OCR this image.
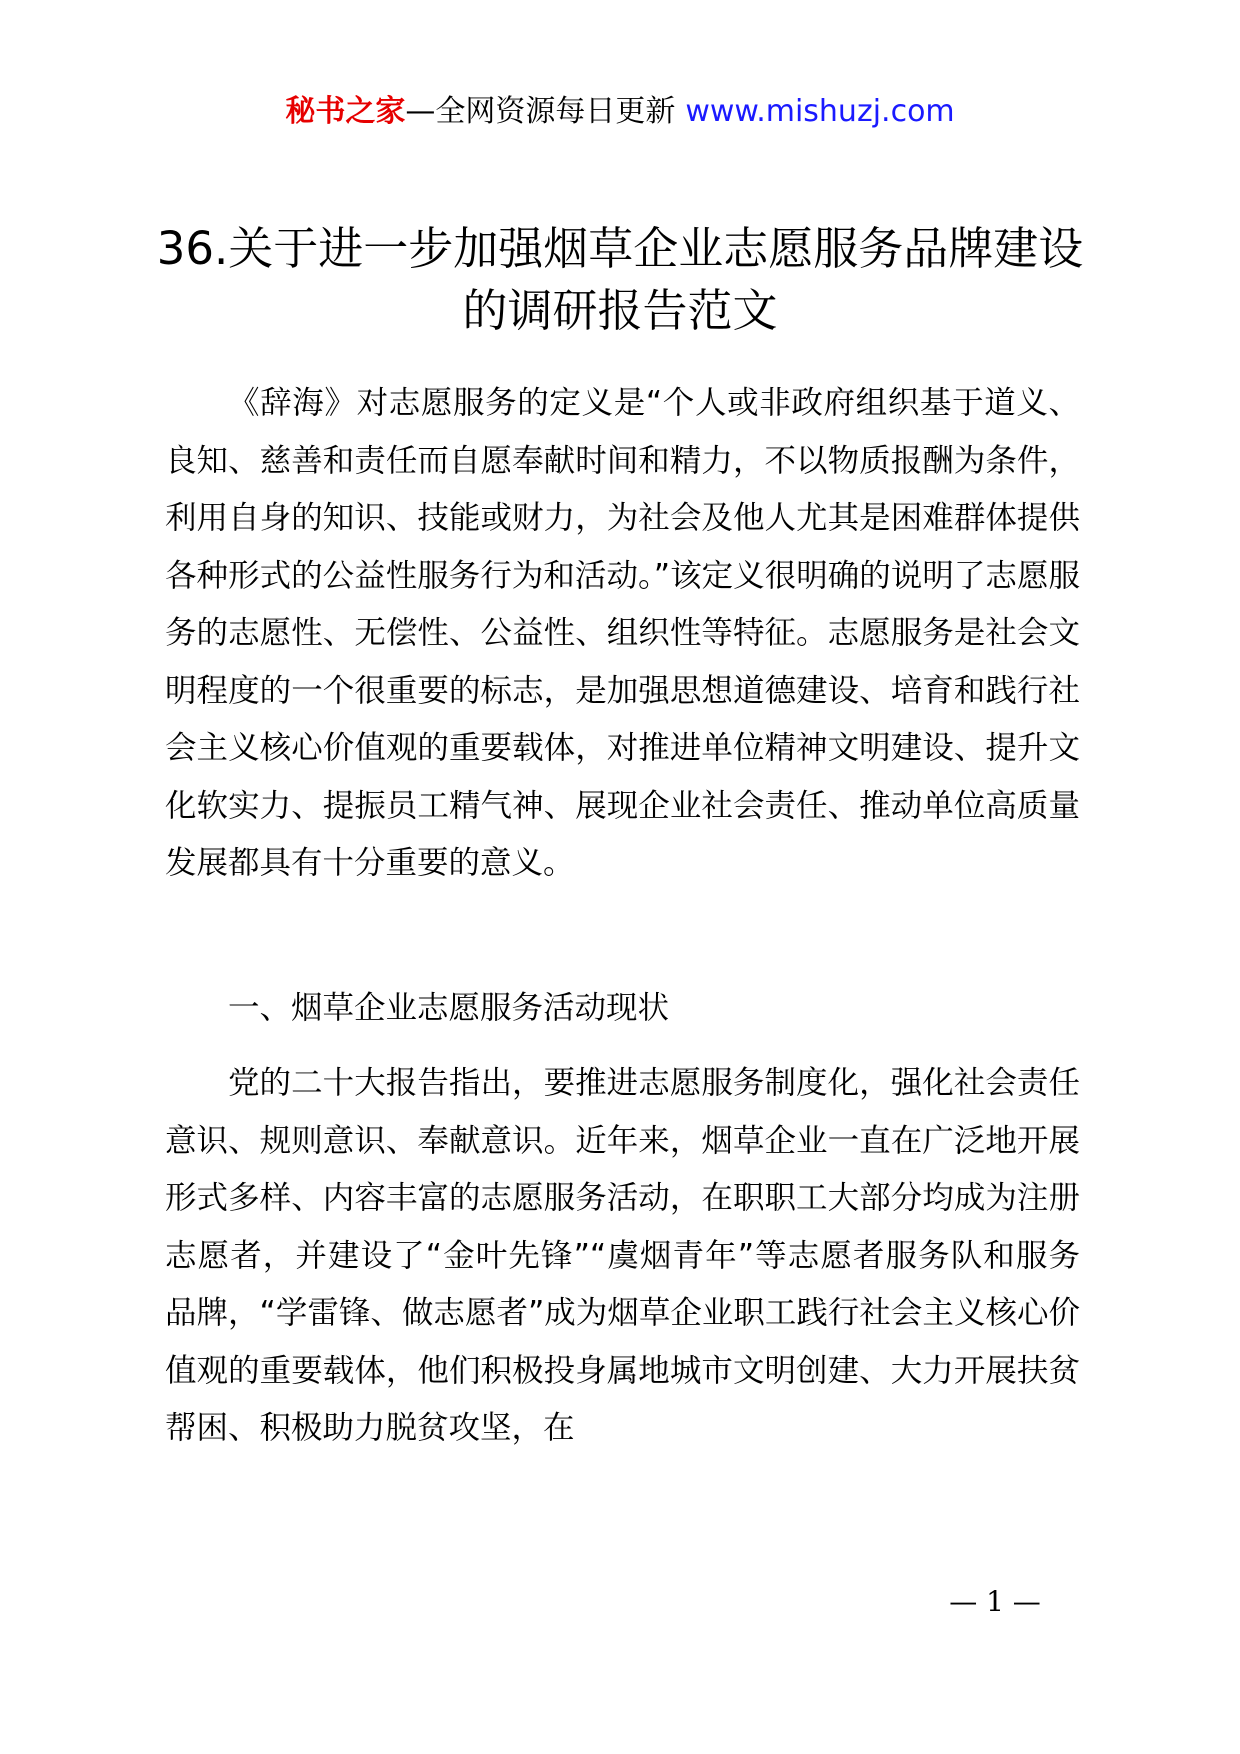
秘书之家—全网资源每日更新 www.mishuzj.com
36.关于进一步加强烟草企业志愿服务品牌建设的调研报告范文

《辞海》对志愿服务的定义是“个人或非政府组织基于道义、良知、慈善和责任而自愿奉献时间和精力，不以物质报酬为条件，利用自身的知识、技能或财力，为社会及他人尤其是困难群体提供各种形式的公益性服务行为和活动。”该定义很明确的说明了志愿服务的志愿性、无偿性、公益性、组织性等特征。志愿服务是社会文明程度的一个很重要的标志，是加强思想道德建设、培育和践行社会主义核心价值观的重要载体，对推进单位精神文明建设、提升文化软实力、提振员工精气神、展现企业社会责任、推动单位高质量发展都具有十分重要的意义。

一、烟草企业志愿服务活动现状

党的二十大报告指出，要推进志愿服务制度化，强化社会责任意识、规则意识、奉献意识。近年来，烟草企业一直在广泛地开展形式多样、内容丰富的志愿服务活动，在职职工大部分均成为注册志愿者，并建设了“金叶先锋”“虞烟青年”等志愿者服务队和服务品牌，“学雷锋、做志愿者”成为烟草企业职工践行社会主义核心价值观的重要载体，他们积极投身属地城市文明创建、大力开展扶贫帮困、积极助力脱贫攻坚，在

— 1 —
